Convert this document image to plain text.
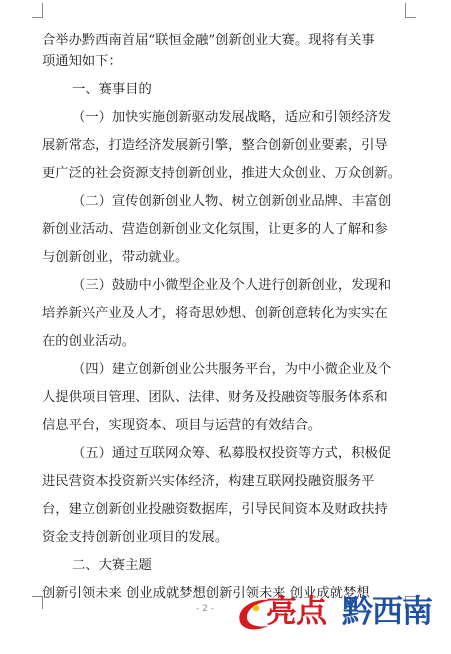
合举办黔西南首届“联恒金融”创新创业大赛。现将有关事
项通知如下：
一、赛事目的
（一）加快实施创新驱动发展战略，适应和引领经济发
展新常态，打造经济发展新引擎，整合创新创业要素，引导
更广泛的社会资源支持创新创业，推进大众创业、万众创新。
（二）宣传创新创业人物、树立创新创业品牌、丰富创
新创业活动、营造创新创业文化氛围，让更多的人了解和参
与创新创业，带动就业。
（三）鼓励中小微型企业及个人进行创新创业，发现和
培养新兴产业及人才，将奇思妙想、创新创意转化为实实在
在的创业活动。
（四）建立创新创业公共服务平台，为中小微企业及个
人提供项目管理、团队、法律、财务及投融资等服务体系和
信息平台，实现资本、项目与运营的有效结合。
（五）通过互联网众筹、私募股权投资等方式，积极促
进民营资本投资新兴实体经济，构建互联网投融资服务平
台，建立创新创业投融资数据库，引导民间资本及财政扶持
资金支持创新创业项目的发展。
二、大赛主题
创新引领未来 创业成就梦想创新引领未来 创业成就梦想
- 2 - 亮点 黔西南
